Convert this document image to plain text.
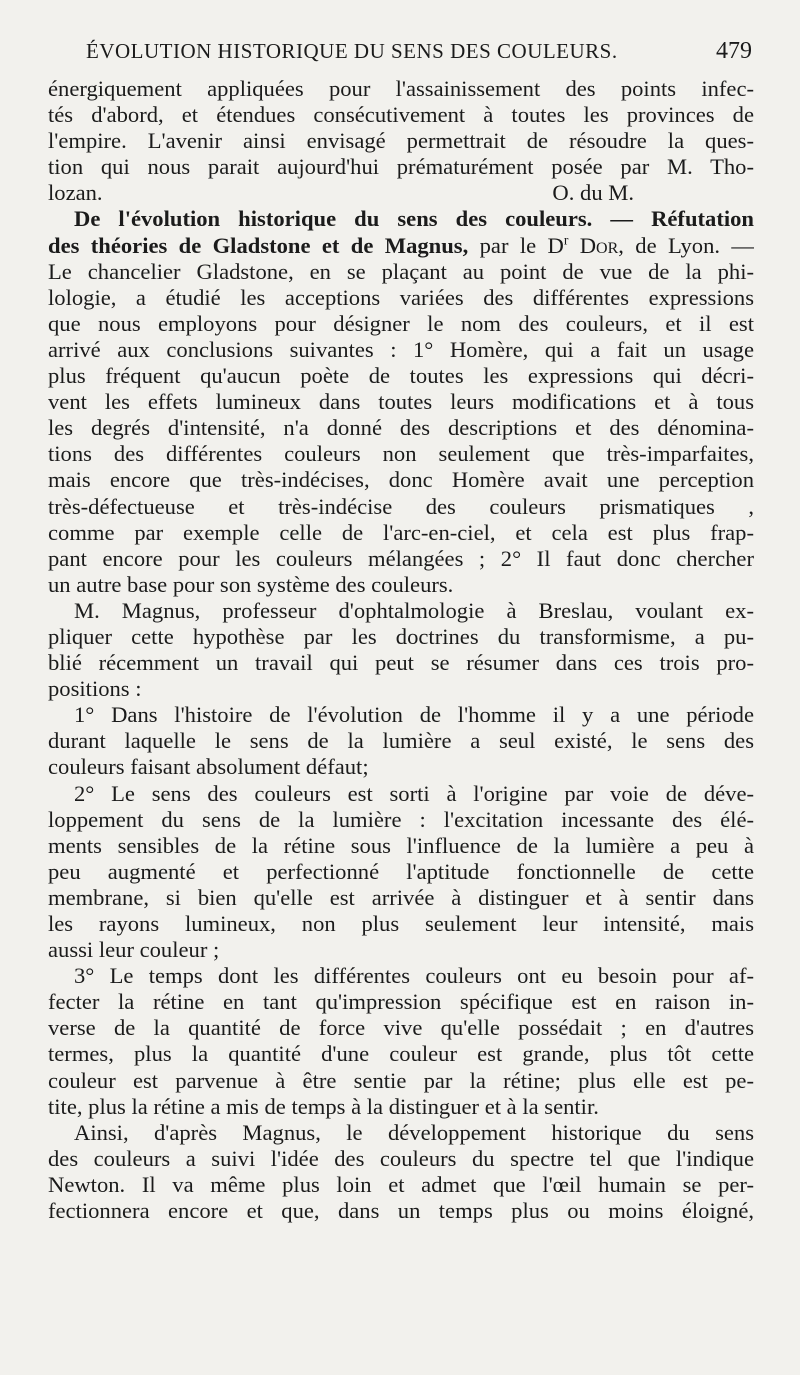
ÉVOLUTION HISTORIQUE DU SENS DES COULEURS.	479
énergiquement appliquées pour l'assainissement des points infec-
tés d'abord, et étendues consécutivement à toutes les provinces de
l'empire. L'avenir ainsi envisagé permettrait de résoudre la ques-
tion qui nous parait aujourd'hui prématurément posée par M. Tho-
lozan.	O. du M.
De l'évolution historique du sens des couleurs. — Réfutation
des théories de Gladstone et de Magnus, par le $D^r$ Dor, de Lyon. —
Le chancelier Gladstone, en se plaçant au point de vue de la phi-
lologie, a étudié les acceptions variées des différentes expressions
que nous employons pour désigner le nom des couleurs, et il est
arrivé aux conclusions suivantes : 1° Homère, qui a fait un usage
plus fréquent qu'aucun poète de toutes les expressions qui décri-
vent les effets lumineux dans toutes leurs modifications et à tous
les degrés d'intensité, n'a donné des descriptions et des dénomina-
tions des différentes couleurs non seulement que très-imparfaites,
mais encore que très-indécises, donc Homère avait une perception
très-défectueuse et très-indécise des couleurs prismatiques ,
comme par exemple celle de l'arc-en-ciel, et cela est plus frap-
pant encore pour les couleurs mélangées ; 2° Il faut donc chercher
un autre base pour son système des couleurs.
M. Magnus, professeur d'ophtalmologie à Breslau, voulant ex-
pliquer cette hypothèse par les doctrines du transformisme, a pu-
blié récemment un travail qui peut se résumer dans ces trois pro-
positions :
1° Dans l'histoire de l'évolution de l'homme il y a une période
durant laquelle le sens de la lumière a seul existé, le sens des
couleurs faisant absolument défaut;
2° Le sens des couleurs est sorti à l'origine par voie de déve-
loppement du sens de la lumière : l'excitation incessante des élé-
ments sensibles de la rétine sous l'influence de la lumière a peu à
peu augmenté et perfectionné l'aptitude fonctionnelle de cette
membrane, si bien qu'elle est arrivée à distinguer et à sentir dans
les rayons lumineux, non plus seulement leur intensité, mais
aussi leur couleur ;
3° Le temps dont les différentes couleurs ont eu besoin pour af-
fecter la rétine en tant qu'impression spécifique est en raison in-
verse de la quantité de force vive qu'elle possédait ; en d'autres
termes, plus la quantité d'une couleur est grande, plus tôt cette
couleur est parvenue à être sentie par la rétine; plus elle est pe-
tite, plus la rétine a mis de temps à la distinguer et à la sentir.
Ainsi, d'après Magnus, le développement historique du sens
des couleurs a suivi l'idée des couleurs du spectre tel que l'indique
Newton. Il va même plus loin et admet que l'œil humain se per-
fectionnera encore et que, dans un temps plus ou moins éloigné,
